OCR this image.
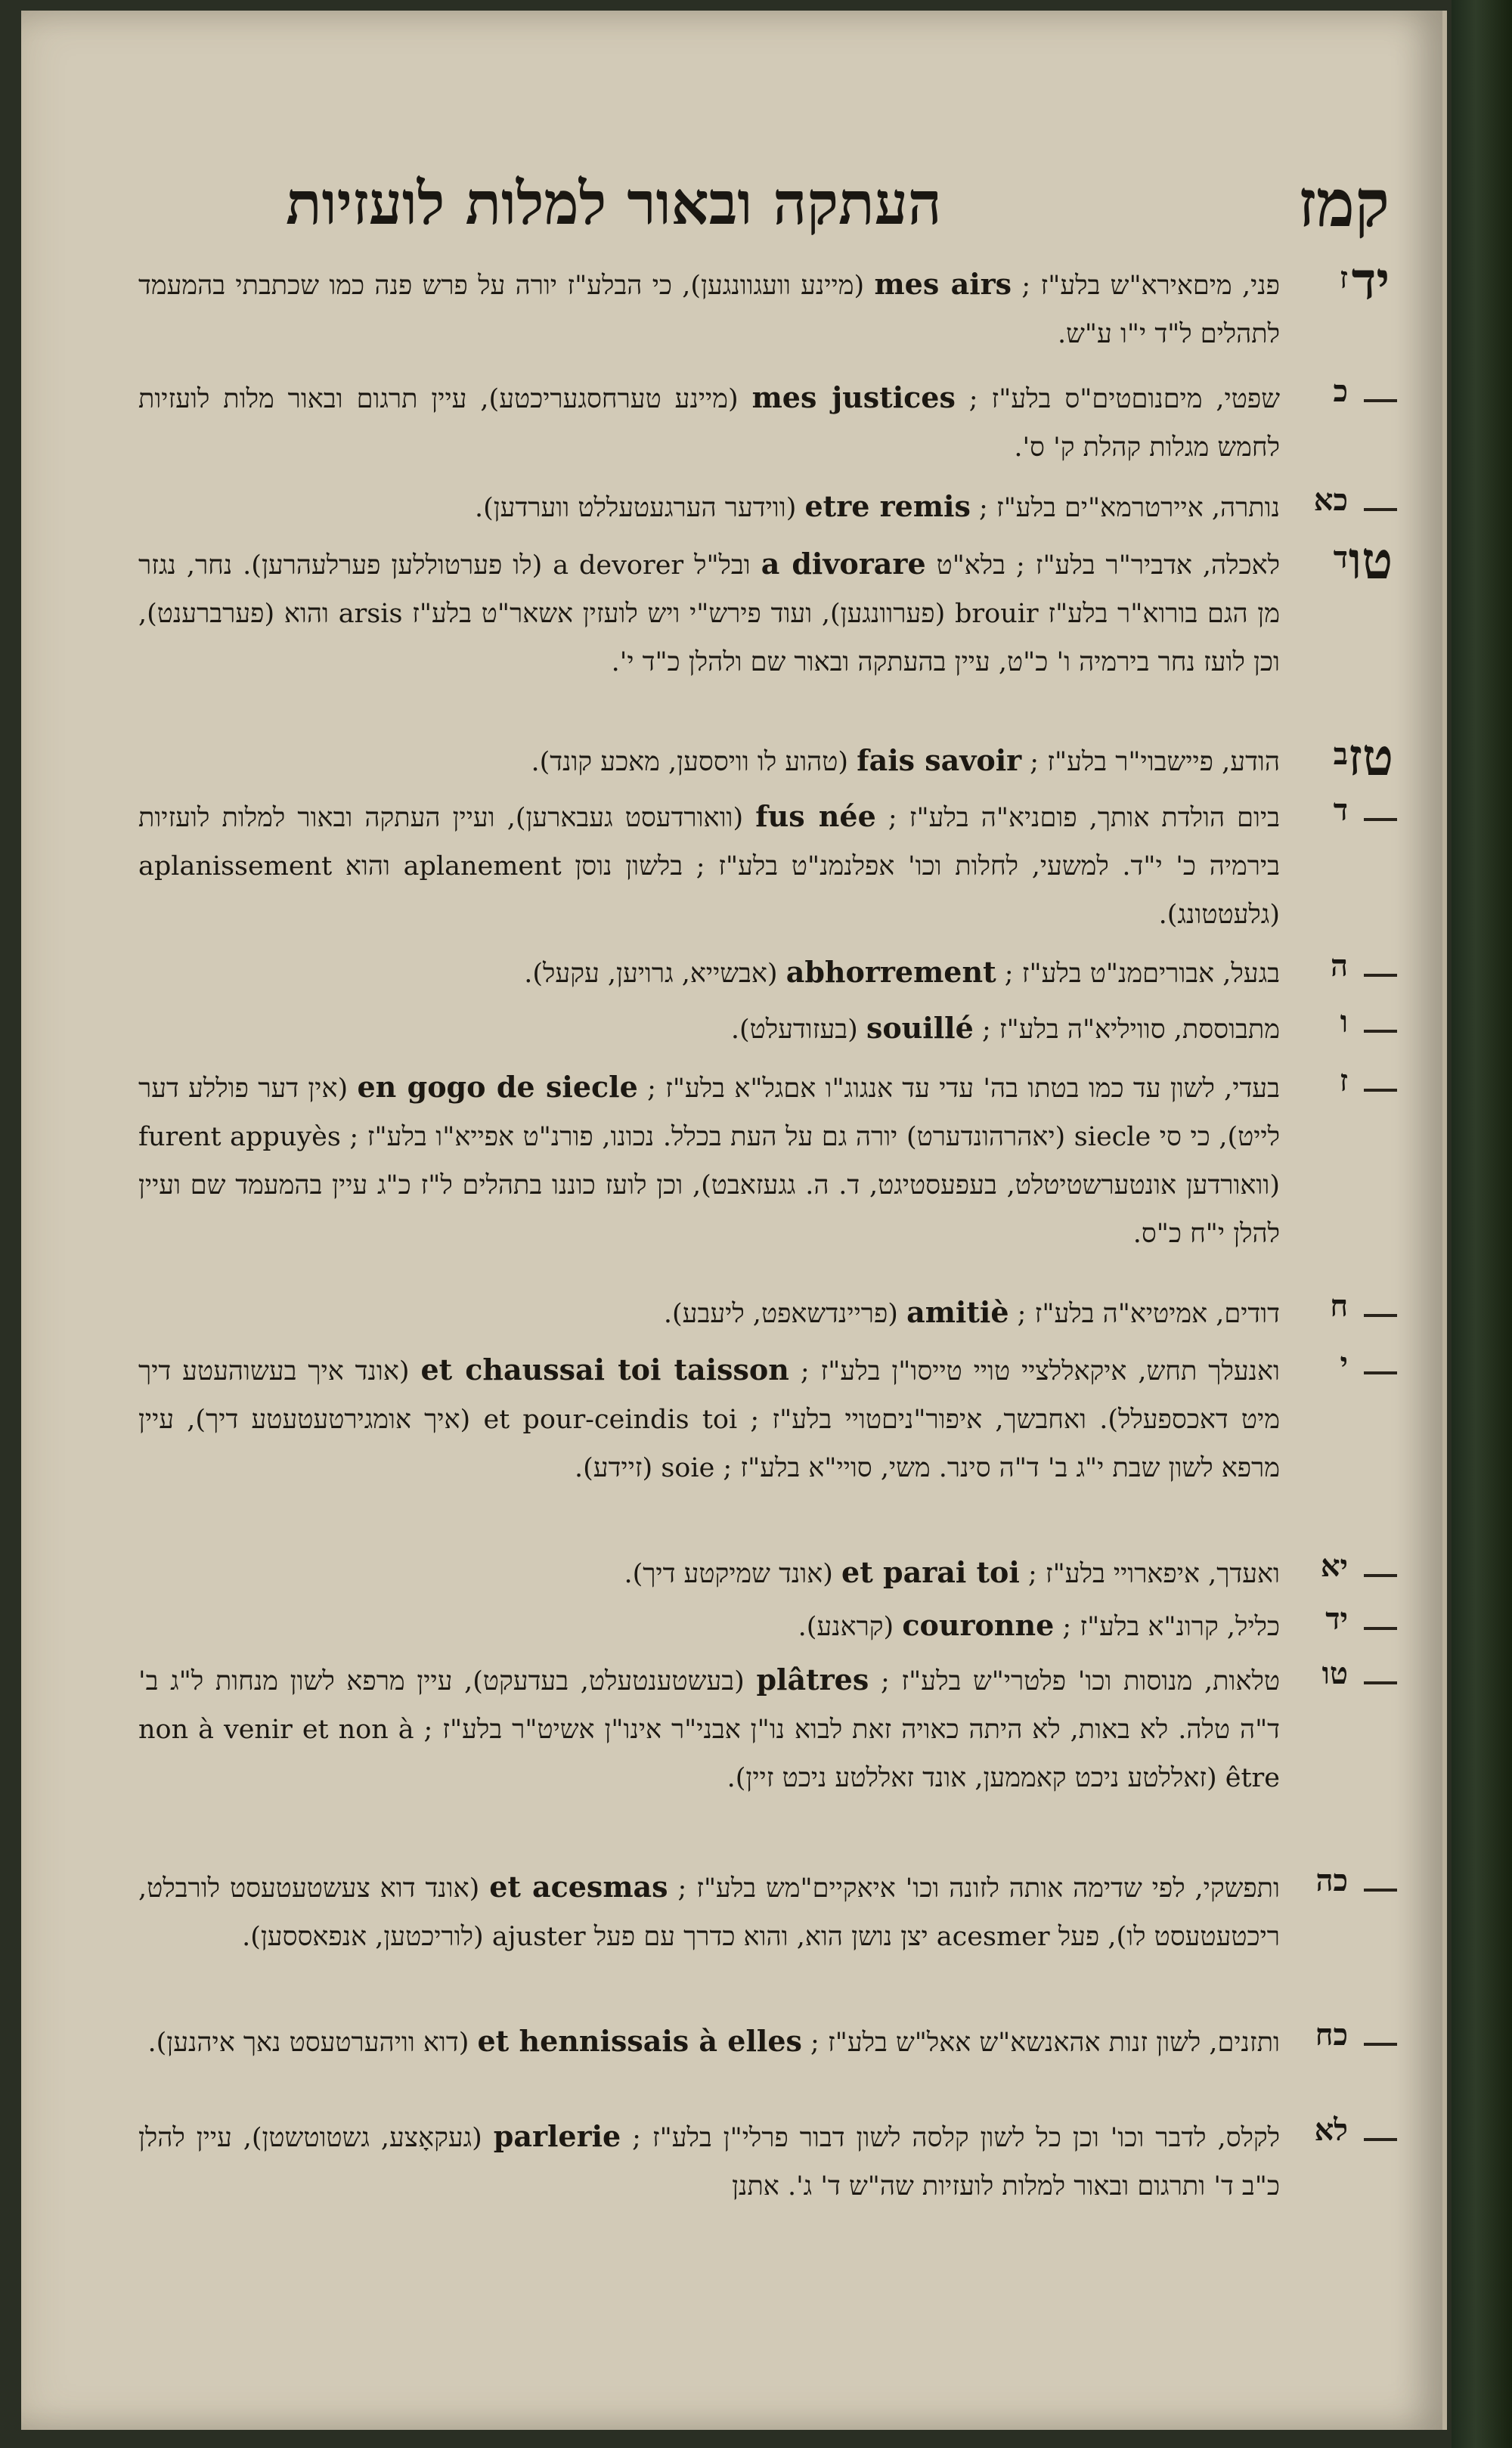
קמז
העתקה ובאור למלות לועזיות
יד
ז
פני, מיםאירא"ש בלע"ז ; mes airs (מיינע וועגוונגען), כי הבלע"ז יורה על פרש פנה כמו שכתבתי בהמעמד לתהלים ל"ד י"ו ע"ש.
כ
שפטי, מיםנוםטים"ס בלע"ז ; mes justices (מיינע טערחסגעריכטע), עיין תרגום ובאור מלות לועזיות לחמש מגלות קהלת ק' ס'.
כא
נותרה, איירטרמא"ים בלע"ז ; etre remis (ווידער הערגעטעללט ווערדען).
טו
ד
לאכלה, אדביר"ר בלע"ז ; בלא"ט a divorare ובל"ל a devorer (לו פערטוללען פערלעהרען). נחר, נגזר מן הגם בורוא"ר בלע"ז brouir (פערוונגען), ועוד פירש"י ויש לועזין אשאר"ט בלע"ז arsis והוא (פערברענט), וכן לועז נחר בירמיה ו' כ"ט, עיין בהעתקה ובאור שם ולהלן כ"ד י'.
טז
ב
הודע, פיישבוי"ר בלע"ז ; fais savoir (טהוע לו וויססען, מאכע קונד).
ד
ביום הולדת אותך, פוםניא"ה בלע"ז ; fus née (וואורדעסט געבארען), ועיין העתקה ובאור למלות לועזיות בירמיה כ' י"ד. למשעי, לחלות וכו' אפלנמנ"ט בלע"ז ; בלשון נוסן aplanement והוא aplanissement (גלעטטונג).
ה
בגעל, אבוריםמנ"ט בלע"ז ; abhorrement (אבשייא, גרויען, עקעל).
ו
מתבוססת, סוויליא"ה בלע"ז ; souillé (בעזודעלט).
ז
בעדי, לשון עד כמו בטתו בה' עדי עד אנגוג"ו אםגל"א בלע"ז ; en gogo de siecle (אין דער פוללע דער לייט), כי סי siecle (יאהרהונדערט) יורה גם על העת בכלל. נכונו, פורנ"ט אפייא"ו בלע"ז ; furent appuyès (וואורדען אונטערשטיטלט, בעפעסטיגט, ד. ה. גגעזאבט), וכן לועז כוננו בתהלים ל"ז כ"ג עיין בהמעמד שם ועיין להלן י"ח כ"ס.
ח
דודים, אמיטיא"ה בלע"ז ; amitiè (פריינדשאפט, ליעבע).
י
ואנעלך תחש, איקאללציי טויי טייסו"ן בלע"ז ; et chaussai toi taisson (אונד איך בעשוהעטע דיך מיט דאכספעלל). ואחבשך, איפור"ניםטויי בלע"ז ; et pour-ceindis toi (איך אומגירטעטעטע דיך), עיין מרפא לשון שבת י"ג ב' ד"ה סינר. משי, סויי"א בלע"ז ; soie (זיידע).
יא
ואעדך, איפארויי בלע"ז ; et parai toi (אונד שמיקטע דיך).
יד
כליל, קרונ"א בלע"ז ; couronne (קראנע).
טו
טלאות, מנוסות וכו' פלטרי"ש בלע"ז ; plâtres (בעשטענטעלט, בעדעקט), עיין מרפא לשון מנחות ל"ג ב' ד"ה טלה. לא באות, לא היתה כאויה זאת לבוא נו"ן אבני"ר אינו"ן אשיט"ר בלע"ז ; non à venir et non à être (זאללטע ניכט קאממען, אונד זאללטע ניכט זיין).
כה
ותפשקי, לפי שדימה אותה לזונה וכו' איאקיים"מש בלע"ז ; et acesmas (אונד דוא צעשטעטעסט לורבלט, ריכטעטעסט לו), פעל acesmer יצן נושן הוא, והוא כדרך עם פעל ajuster (לוריכטען, אנפאססען).
כח
ותזנים, לשון זנות אהאנשא"ש אאל"ש בלע"ז ; et hennissais à elles (דוא וויהערטעסט נאך איהנען).
לא
לקלס, לדבר וכו' וכן כל לשון קלסה לשון דבור פרלי"ן בלע"ז ; parlerie (געקאָצע, גשטוטשטן), עיין להלן כ"ב ד' ותרגום ובאור למלות לועזיות שה"ש ד' ג'. אתנן
